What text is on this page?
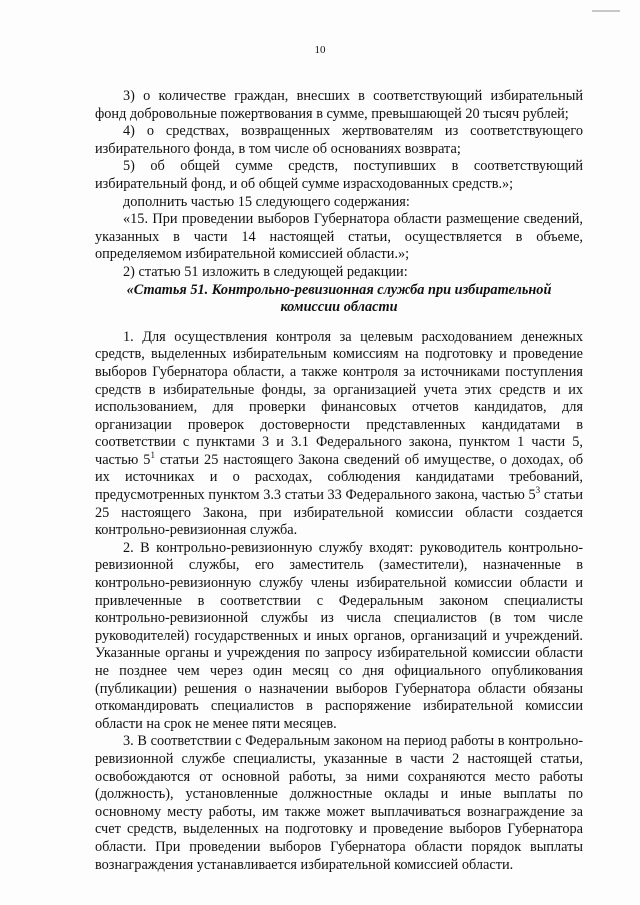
10

3) о количестве граждан, внесших в соответствующий избирательный фонд добровольные пожертвования в сумме, превышающей 20 тысяч рублей;

4) о средствах, возвращенных жертвователям из соответствующего избирательного фонда, в том числе об основаниях возврата;

5) об общей сумме средств, поступивших в соответствующий избирательный фонд, и об общей сумме израсходованных средств.»;

дополнить частью 15 следующего содержания:

«15. При проведении выборов Губернатора области размещение сведений, указанных в части 14 настоящей статьи, осуществляется в объеме, определяемом избирательной комиссией области.»;

2) статью 51 изложить в следующей редакции:

«Статья 51. Контрольно-ревизионная служба при избирательной комиссии области

1. Для осуществления контроля за целевым расходованием денежных средств, выделенных избирательным комиссиям на подготовку и проведение выборов Губернатора области, а также контроля за источниками поступления средств в избирательные фонды, за организацией учета этих средств и их использованием, для проверки финансовых отчетов кандидатов, для организации проверок достоверности представленных кандидатами в соответствии с пунктами 3 и 3.1 Федерального закона, пунктом 1 части 5, частью $5^1$ статьи 25 настоящего Закона сведений об имуществе, о доходах, об их источниках и о расходах, соблюдения кандидатами требований, предусмотренных пунктом 3.3 статьи 33 Федерального закона, частью $5^3$ статьи 25 настоящего Закона, при избирательной комиссии области создается контрольно-ревизионная служба.

2. В контрольно-ревизионную службу входят: руководитель контрольно-ревизионной службы, его заместитель (заместители), назначенные в контрольно-ревизионную службу члены избирательной комиссии области и привлеченные в соответствии с Федеральным законом специалисты контрольно-ревизионной службы из числа специалистов (в том числе руководителей) государственных и иных органов, организаций и учреждений. Указанные органы и учреждения по запросу избирательной комиссии области не позднее чем через один месяц со дня официального опубликования (публикации) решения о назначении выборов Губернатора области обязаны откомандировать специалистов в распоряжение избирательной комиссии области на срок не менее пяти месяцев.

3. В соответствии с Федеральным законом на период работы в контрольно-ревизионной службе специалисты, указанные в части 2 настоящей статьи, освобождаются от основной работы, за ними сохраняются место работы (должность), установленные должностные оклады и иные выплаты по основному месту работы, им также может выплачиваться вознаграждение за счет средств, выделенных на подготовку и проведение выборов Губернатора области. При проведении выборов Губернатора области порядок выплаты вознаграждения устанавливается избирательной комиссией области.
